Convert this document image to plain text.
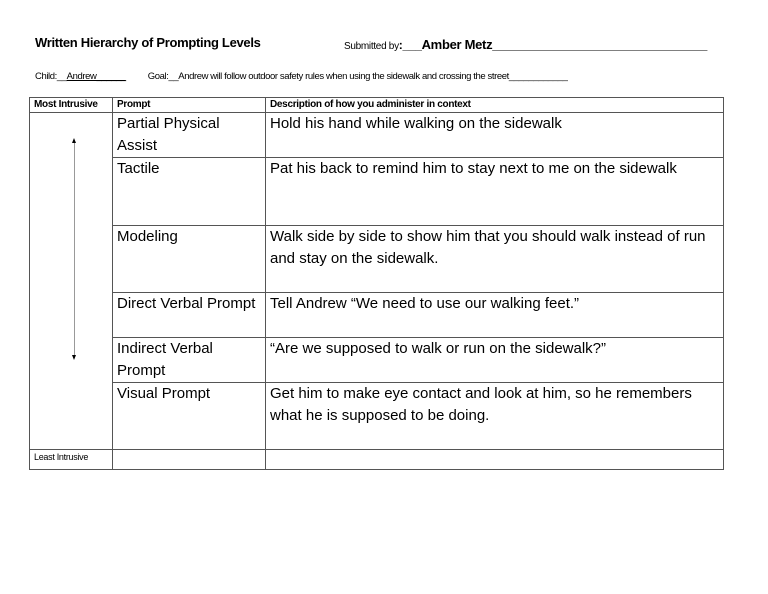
Written Hierarchy of Prompting Levels	Submitted by:___Amber Metz_______________________________
Child:__Andrew______ Goal:__Andrew will follow outdoor safety rules when using the sidewalk and crossing the street____________
Most Intrusive	Prompt	Description of how you administer in context
	Partial Physical Assist	Hold his hand while walking on the sidewalk
	Tactile	Pat his back to remind him to stay next to me on the sidewalk
	Modeling	Walk side by side to show him that you should walk instead of run and stay on the sidewalk.
	Direct Verbal Prompt	Tell Andrew “We need to use our walking feet.”
	Indirect Verbal Prompt	“Are we supposed to walk or run on the sidewalk?”
	Visual Prompt	Get him to make eye contact and look at him, so he remembers what he is supposed to be doing.
Least Intrusive		
